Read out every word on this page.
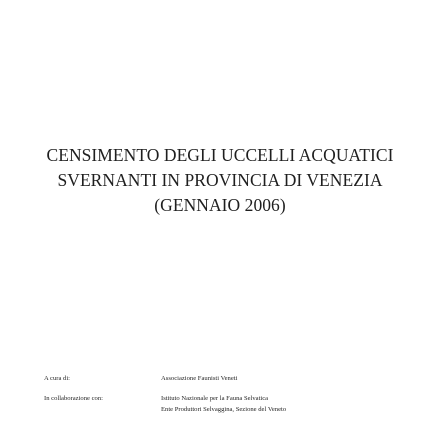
CENSIMENTO DEGLI UCCELLI ACQUATICI
SVERNANTI IN PROVINCIA DI VENEZIA
(GENNAIO 2006)
A cura di:	Associazione Faunisti Veneti
In collaborazione con:	Istituto Nazionale per la Fauna Selvatica
Ente Produttori Selvaggina, Sezione del Veneto
